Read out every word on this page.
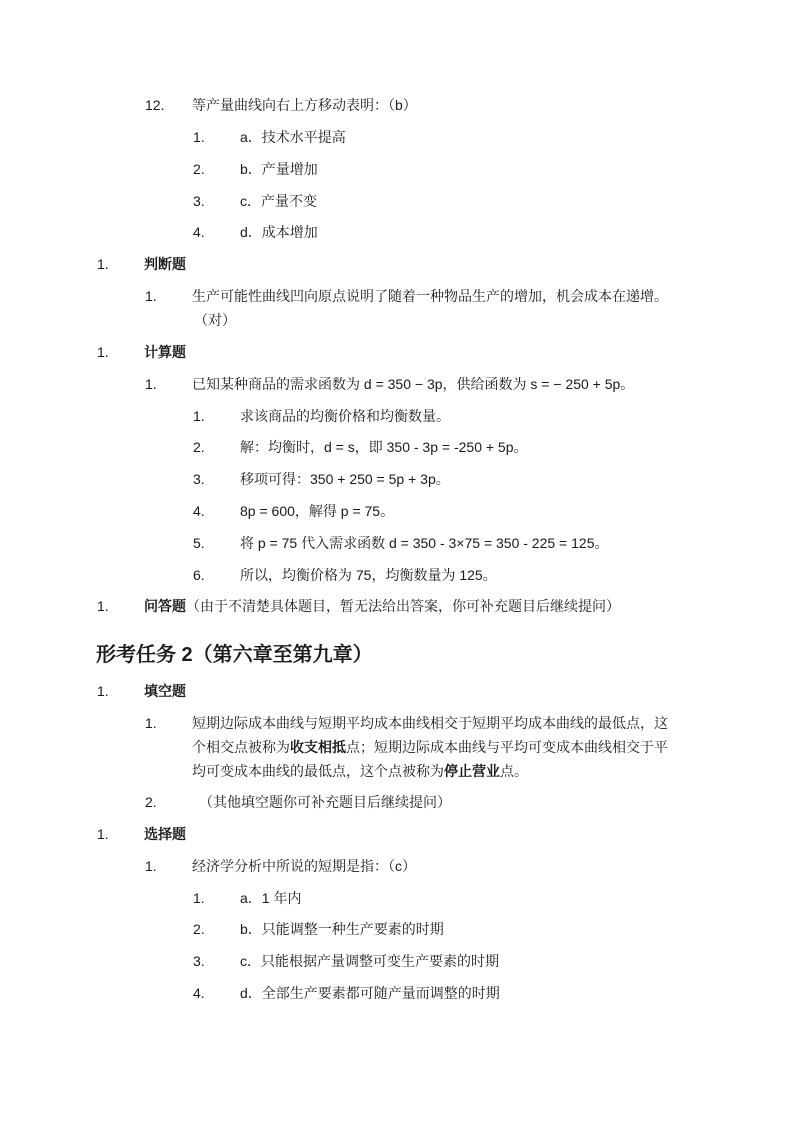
12. 等产量曲线向右上方移动表明：（b）
1.	a．技术水平提高
2.	b．产量增加
3.	c．产量不变
4.	d．成本增加
1.	判断题
1.	生产可能性曲线凹向原点说明了随着一种物品生产的增加，机会成本在递增。
（对）
1.	计算题
1.	已知某种商品的需求函数为 d = 350 − 3p，供给函数为 s = − 250 + 5p。
1.	求该商品的均衡价格和均衡数量。
2.	解：均衡时，d = s，即 350 - 3p = -250 + 5p。
3.	移项可得：350 + 250 = 5p + 3p。
4.	8p = 600，解得 p = 75。
5.	将 p = 75 代入需求函数 d = 350 - 3×75 = 350 - 225 = 125。
6.	所以，均衡价格为 75，均衡数量为 125。
1.	问答题（由于不清楚具体题目，暂无法给出答案，你可补充题目后继续提问）
形考任务 2（第六章至第九章）
1.	填空题
1.	短期边际成本曲线与短期平均成本曲线相交于短期平均成本曲线的最低点，这
个相交点被称为收支相抵点；短期边际成本曲线与平均可变成本曲线相交于平
均可变成本曲线的最低点，这个点被称为停止营业点。
2.	（其他填空题你可补充题目后继续提问）
1.	选择题
1.	经济学分析中所说的短期是指：（c）
1.	a．1 年内
2.	b．只能调整一种生产要素的时期
3.	c．只能根据产量调整可变生产要素的时期
4.	d．全部生产要素都可随产量而调整的时期
